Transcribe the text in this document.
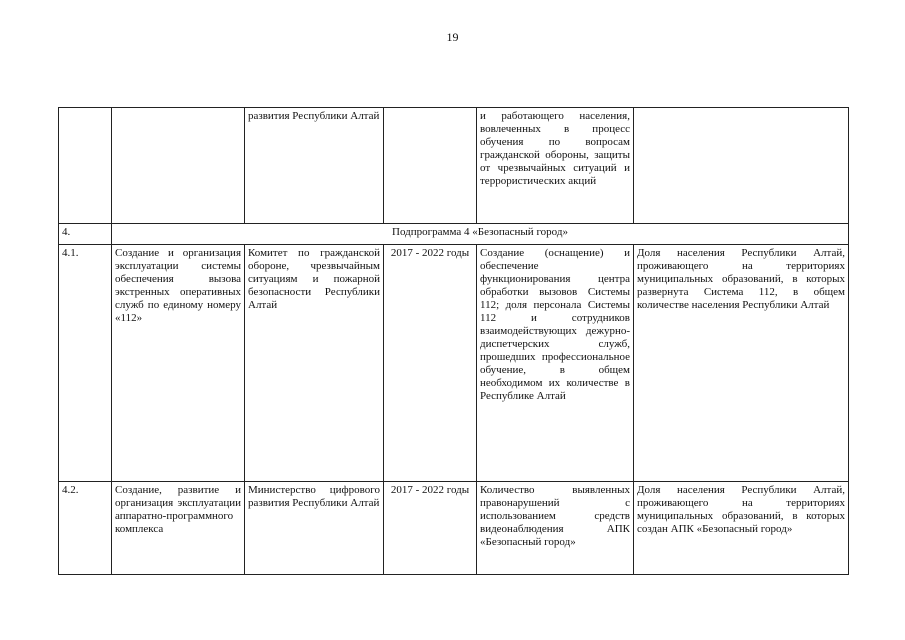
19
		развития Республики Алтай		и работающего населения, вовлеченных в процесс обучения по вопросам гражданской обороны, защиты от чрезвычайных ситуаций и террористических акций	
4.	Подпрограмма 4 «Безопасный город»				
4.1.	Создание и организация эксплуатации системы обеспечения вызова экстренных оперативных служб по единому номеру «112»	Комитет по гражданской обороне, чрезвычайным ситуациям и пожарной безопасности Республики Алтай	2017 - 2022 годы	Создание (оснащение) и обеспечение функционирования центра обработки вызовов Системы 112; доля персонала Системы 112 и сотрудников взаимодействующих дежурно-диспетчерских служб, прошедших профессиональное обучение, в общем необходимом их количестве в Республике Алтай	Доля населения Республики Алтай, проживающего на территориях муниципальных образований, в которых развернута Система 112, в общем количестве населения Республики Алтай
4.2.	Создание, развитие и организация эксплуатации аппаратно-программного комплекса	Министерство цифрового развития Республики Алтай	2017 - 2022 годы	Количество выявленных правонарушений с использованием средств видеонаблюдения АПК «Безопасный город»	Доля населения Республики Алтай, проживающего на территориях муниципальных образований, в которых создан АПК «Безопасный город»
